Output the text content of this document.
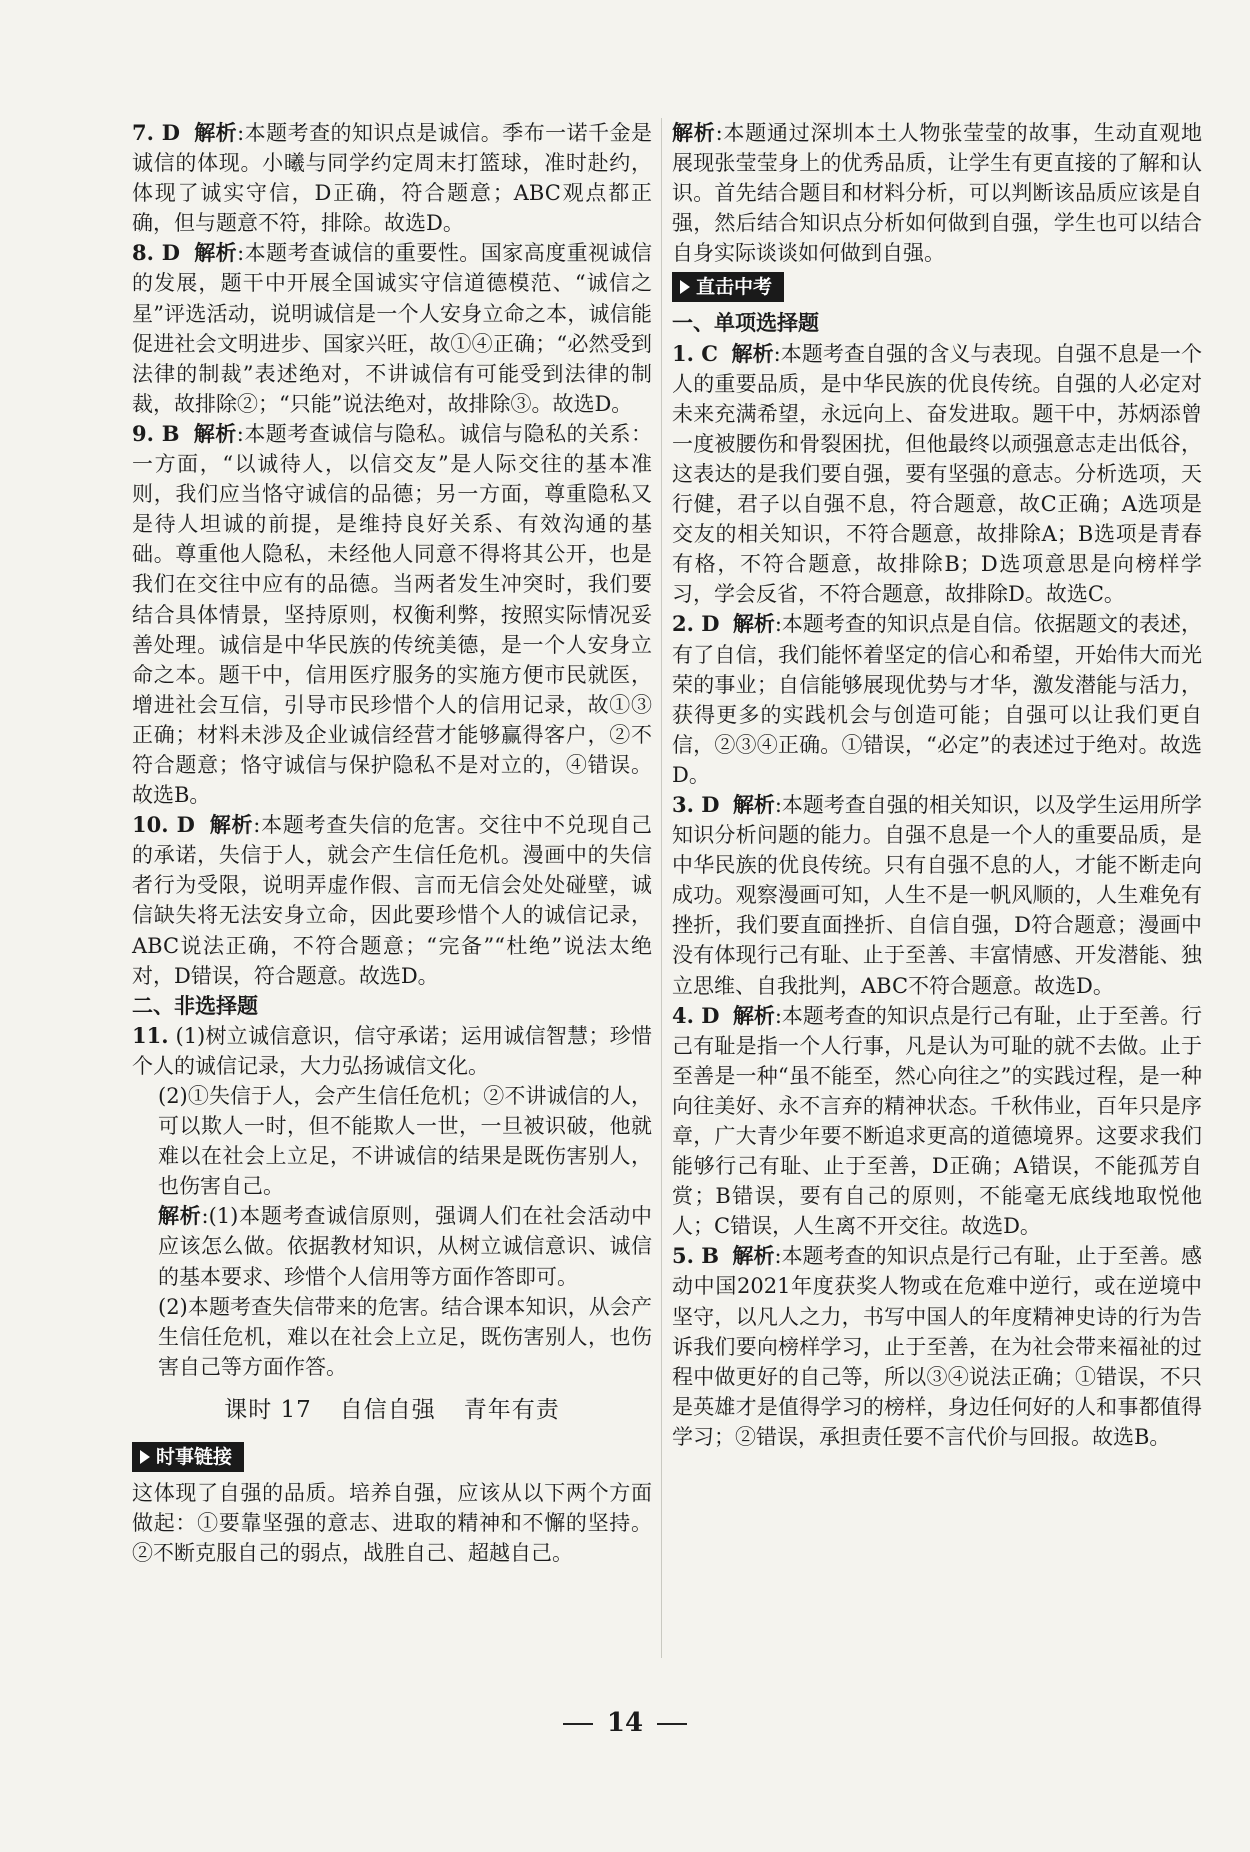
7. D 解析:本题考查的知识点是诚信。季布一诺千金是诚信的体现。小曦与同学约定周末打篮球，准时赴约，体现了诚实守信，D正确，符合题意；ABC观点都正确，但与题意不符，排除。故选D。

8. D 解析:本题考查诚信的重要性。国家高度重视诚信的发展，题干中开展全国诚实守信道德模范、“诚信之星”评选活动，说明诚信是一个人安身立命之本，诚信能促进社会文明进步、国家兴旺，故①④正确；“必然受到法律的制裁”表述绝对，不讲诚信有可能受到法律的制裁，故排除②；“只能”说法绝对，故排除③。故选D。

9. B 解析:本题考查诚信与隐私。诚信与隐私的关系：一方面，“以诚待人，以信交友”是人际交往的基本准则，我们应当恪守诚信的品德；另一方面，尊重隐私又是待人坦诚的前提，是维持良好关系、有效沟通的基础。尊重他人隐私，未经他人同意不得将其公开，也是我们在交往中应有的品德。当两者发生冲突时，我们要结合具体情景，坚持原则，权衡利弊，按照实际情况妥善处理。诚信是中华民族的传统美德，是一个人安身立命之本。题干中，信用医疗服务的实施方便市民就医，增进社会互信，引导市民珍惜个人的信用记录，故①③正确；材料未涉及企业诚信经营才能够赢得客户，②不符合题意；恪守诚信与保护隐私不是对立的，④错误。故选B。

10. D 解析:本题考查失信的危害。交往中不兑现自己的承诺，失信于人，就会产生信任危机。漫画中的失信者行为受限，说明弄虚作假、言而无信会处处碰壁，诚信缺失将无法安身立命，因此要珍惜个人的诚信记录，ABC说法正确，不符合题意；“完备”“杜绝”说法太绝对，D错误，符合题意。故选D。

二、非选择题

11. (1)树立诚信意识，信守承诺；运用诚信智慧；珍惜个人的诚信记录，大力弘扬诚信文化。

(2)①失信于人，会产生信任危机；②不讲诚信的人，可以欺人一时，但不能欺人一世，一旦被识破，他就难以在社会上立足，不讲诚信的结果是既伤害别人，也伤害自己。

解析:(1)本题考查诚信原则，强调人们在社会活动中应该怎么做。依据教材知识，从树立诚信意识、诚信的基本要求、珍惜个人信用等方面作答即可。

(2)本题考查失信带来的危害。结合课本知识，从会产生信任危机，难以在社会上立足，既伤害别人，也伤害自己等方面作答。

课时 17 自信自强 青年有责

时事链接

这体现了自强的品质。培养自强，应该从以下两个方面做起：①要靠坚强的意志、进取的精神和不懈的坚持。②不断克服自己的弱点，战胜自己、超越自己。

解析:本题通过深圳本土人物张莹莹的故事，生动直观地展现张莹莹身上的优秀品质，让学生有更直接的了解和认识。首先结合题目和材料分析，可以判断该品质应该是自强，然后结合知识点分析如何做到自强，学生也可以结合自身实际谈谈如何做到自强。

直击中考

一、单项选择题

1. C 解析:本题考查自强的含义与表现。自强不息是一个人的重要品质，是中华民族的优良传统。自强的人必定对未来充满希望，永远向上、奋发进取。题干中，苏炳添曾一度被腰伤和骨裂困扰，但他最终以顽强意志走出低谷，这表达的是我们要自强，要有坚强的意志。分析选项，天行健，君子以自强不息，符合题意，故C正确；A选项是交友的相关知识，不符合题意，故排除A；B选项是青春有格，不符合题意，故排除B；D选项意思是向榜样学习，学会反省，不符合题意，故排除D。故选C。

2. D 解析:本题考查的知识点是自信。依据题文的表述，有了自信，我们能怀着坚定的信心和希望，开始伟大而光荣的事业；自信能够展现优势与才华，激发潜能与活力，获得更多的实践机会与创造可能；自强可以让我们更自信，②③④正确。①错误，“必定”的表述过于绝对。故选D。

3. D 解析:本题考查自强的相关知识，以及学生运用所学知识分析问题的能力。自强不息是一个人的重要品质，是中华民族的优良传统。只有自强不息的人，才能不断走向成功。观察漫画可知，人生不是一帆风顺的，人生难免有挫折，我们要直面挫折、自信自强，D符合题意；漫画中没有体现行己有耻、止于至善、丰富情感、开发潜能、独立思维、自我批判，ABC不符合题意。故选D。

4. D 解析:本题考查的知识点是行己有耻，止于至善。行己有耻是指一个人行事，凡是认为可耻的就不去做。止于至善是一种“虽不能至，然心向往之”的实践过程，是一种向往美好、永不言弃的精神状态。千秋伟业，百年只是序章，广大青少年要不断追求更高的道德境界。这要求我们能够行己有耻、止于至善，D正确；A错误，不能孤芳自赏；B错误，要有自己的原则，不能毫无底线地取悦他人；C错误，人生离不开交往。故选D。

5. B 解析:本题考查的知识点是行己有耻，止于至善。感动中国2021年度获奖人物或在危难中逆行，或在逆境中坚守，以凡人之力，书写中国人的年度精神史诗的行为告诉我们要向榜样学习，止于至善，在为社会带来福祉的过程中做更好的自己等，所以③④说法正确；①错误，不只是英雄才是值得学习的榜样，身边任何好的人和事都值得学习；②错误，承担责任要不言代价与回报。故选B。

14
